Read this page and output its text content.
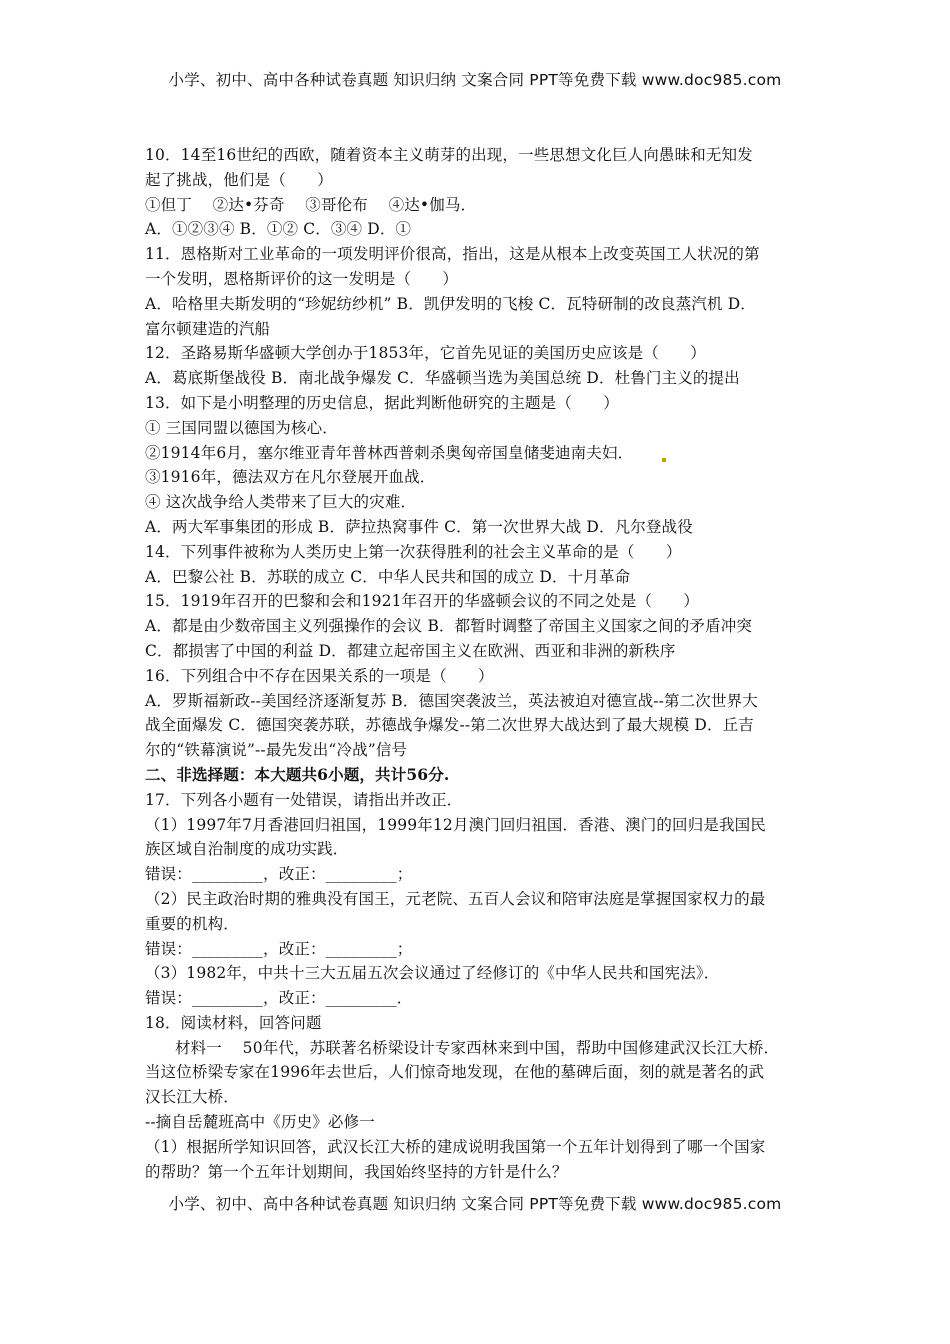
小学、初中、高中各种试卷真题 知识归纳 文案合同 PPT等免费下载 www.doc985.com
10．14至16世纪的西欧，随着资本主义萌芽的出现，一些思想文化巨人向愚昧和无知发
起了挑战，他们是（　　）
①但丁　 ②达•芬奇　 ③哥伦布　 ④达•伽马．
A．①②③④ B．①② C．③④ D．①
11．恩格斯对工业革命的一项发明评价很高，指出，这是从根本上改变英国工人状况的第
一个发明，恩格斯评价的这一发明是（　　）
A．哈格里夫斯发明的“珍妮纺纱机” B．凯伊发明的飞梭 C．瓦特研制的改良蒸汽机 D．
富尔顿建造的汽船
12．圣路易斯华盛顿大学创办于1853年，它首先见证的美国历史应该是（　　）
A．葛底斯堡战役 B．南北战争爆发 C．华盛顿当选为美国总统 D．杜鲁门主义的提出
13．如下是小明整理的历史信息，据此判断他研究的主题是（　　）
① 三国同盟以德国为核心．
②1914年6月，塞尔维亚青年普林西普刺杀奥匈帝国皇储斐迪南夫妇．
③1916年，德法双方在凡尔登展开血战．
④ 这次战争给人类带来了巨大的灾难．
A．两大军事集团的形成 B．萨拉热窝事件 C．第一次世界大战 D．凡尔登战役
14．下列事件被称为人类历史上第一次获得胜利的社会主义革命的是（　　）
A．巴黎公社 B．苏联的成立 C．中华人民共和国的成立 D．十月革命
15．1919年召开的巴黎和会和1921年召开的华盛顿会议的不同之处是（　　）
A．都是由少数帝国主义列强操作的会议 B．都暂时调整了帝国主义国家之间的矛盾冲突
C．都损害了中国的利益 D．都建立起帝国主义在欧洲、西亚和非洲的新秩序
16．下列组合中不存在因果关系的一项是（　　）
A．罗斯福新政--美国经济逐渐复苏 B．德国突袭波兰，英法被迫对德宣战--第二次世界大
战全面爆发 C．德国突袭苏联，苏德战争爆发--第二次世界大战达到了最大规模 D．丘吉
尔的“铁幕演说”--最先发出“冷战”信号
二、非选择题：本大题共6小题，共计56分.
17．下列各小题有一处错误，请指出并改正．
（1）1997年7月香港回归祖国，1999年12月澳门回归祖国．香港、澳门的回归是我国民
族区域自治制度的成功实践．
错误：_________，改正：_________；
（2）民主政治时期的雅典没有国王，元老院、五百人会议和陪审法庭是掌握国家权力的最
重要的机构．
错误：_________，改正：_________；
（3）1982年，中共十三大五届五次会议通过了经修订的《中华人民共和国宪法》．
错误：_________，改正：_________．
18．阅读材料，回答问题
材料一　 50年代，苏联著名桥梁设计专家西林来到中国，帮助中国修建武汉长江大桥．
当这位桥梁专家在1996年去世后，人们惊奇地发现，在他的墓碑后面，刻的就是著名的武
汉长江大桥．
--摘自岳麓班高中《历史》必修一
（1）根据所学知识回答，武汉长江大桥的建成说明我国第一个五年计划得到了哪一个国家
的帮助？第一个五年计划期间，我国始终坚持的方针是什么？
小学、初中、高中各种试卷真题 知识归纳 文案合同 PPT等免费下载 www.doc985.com
